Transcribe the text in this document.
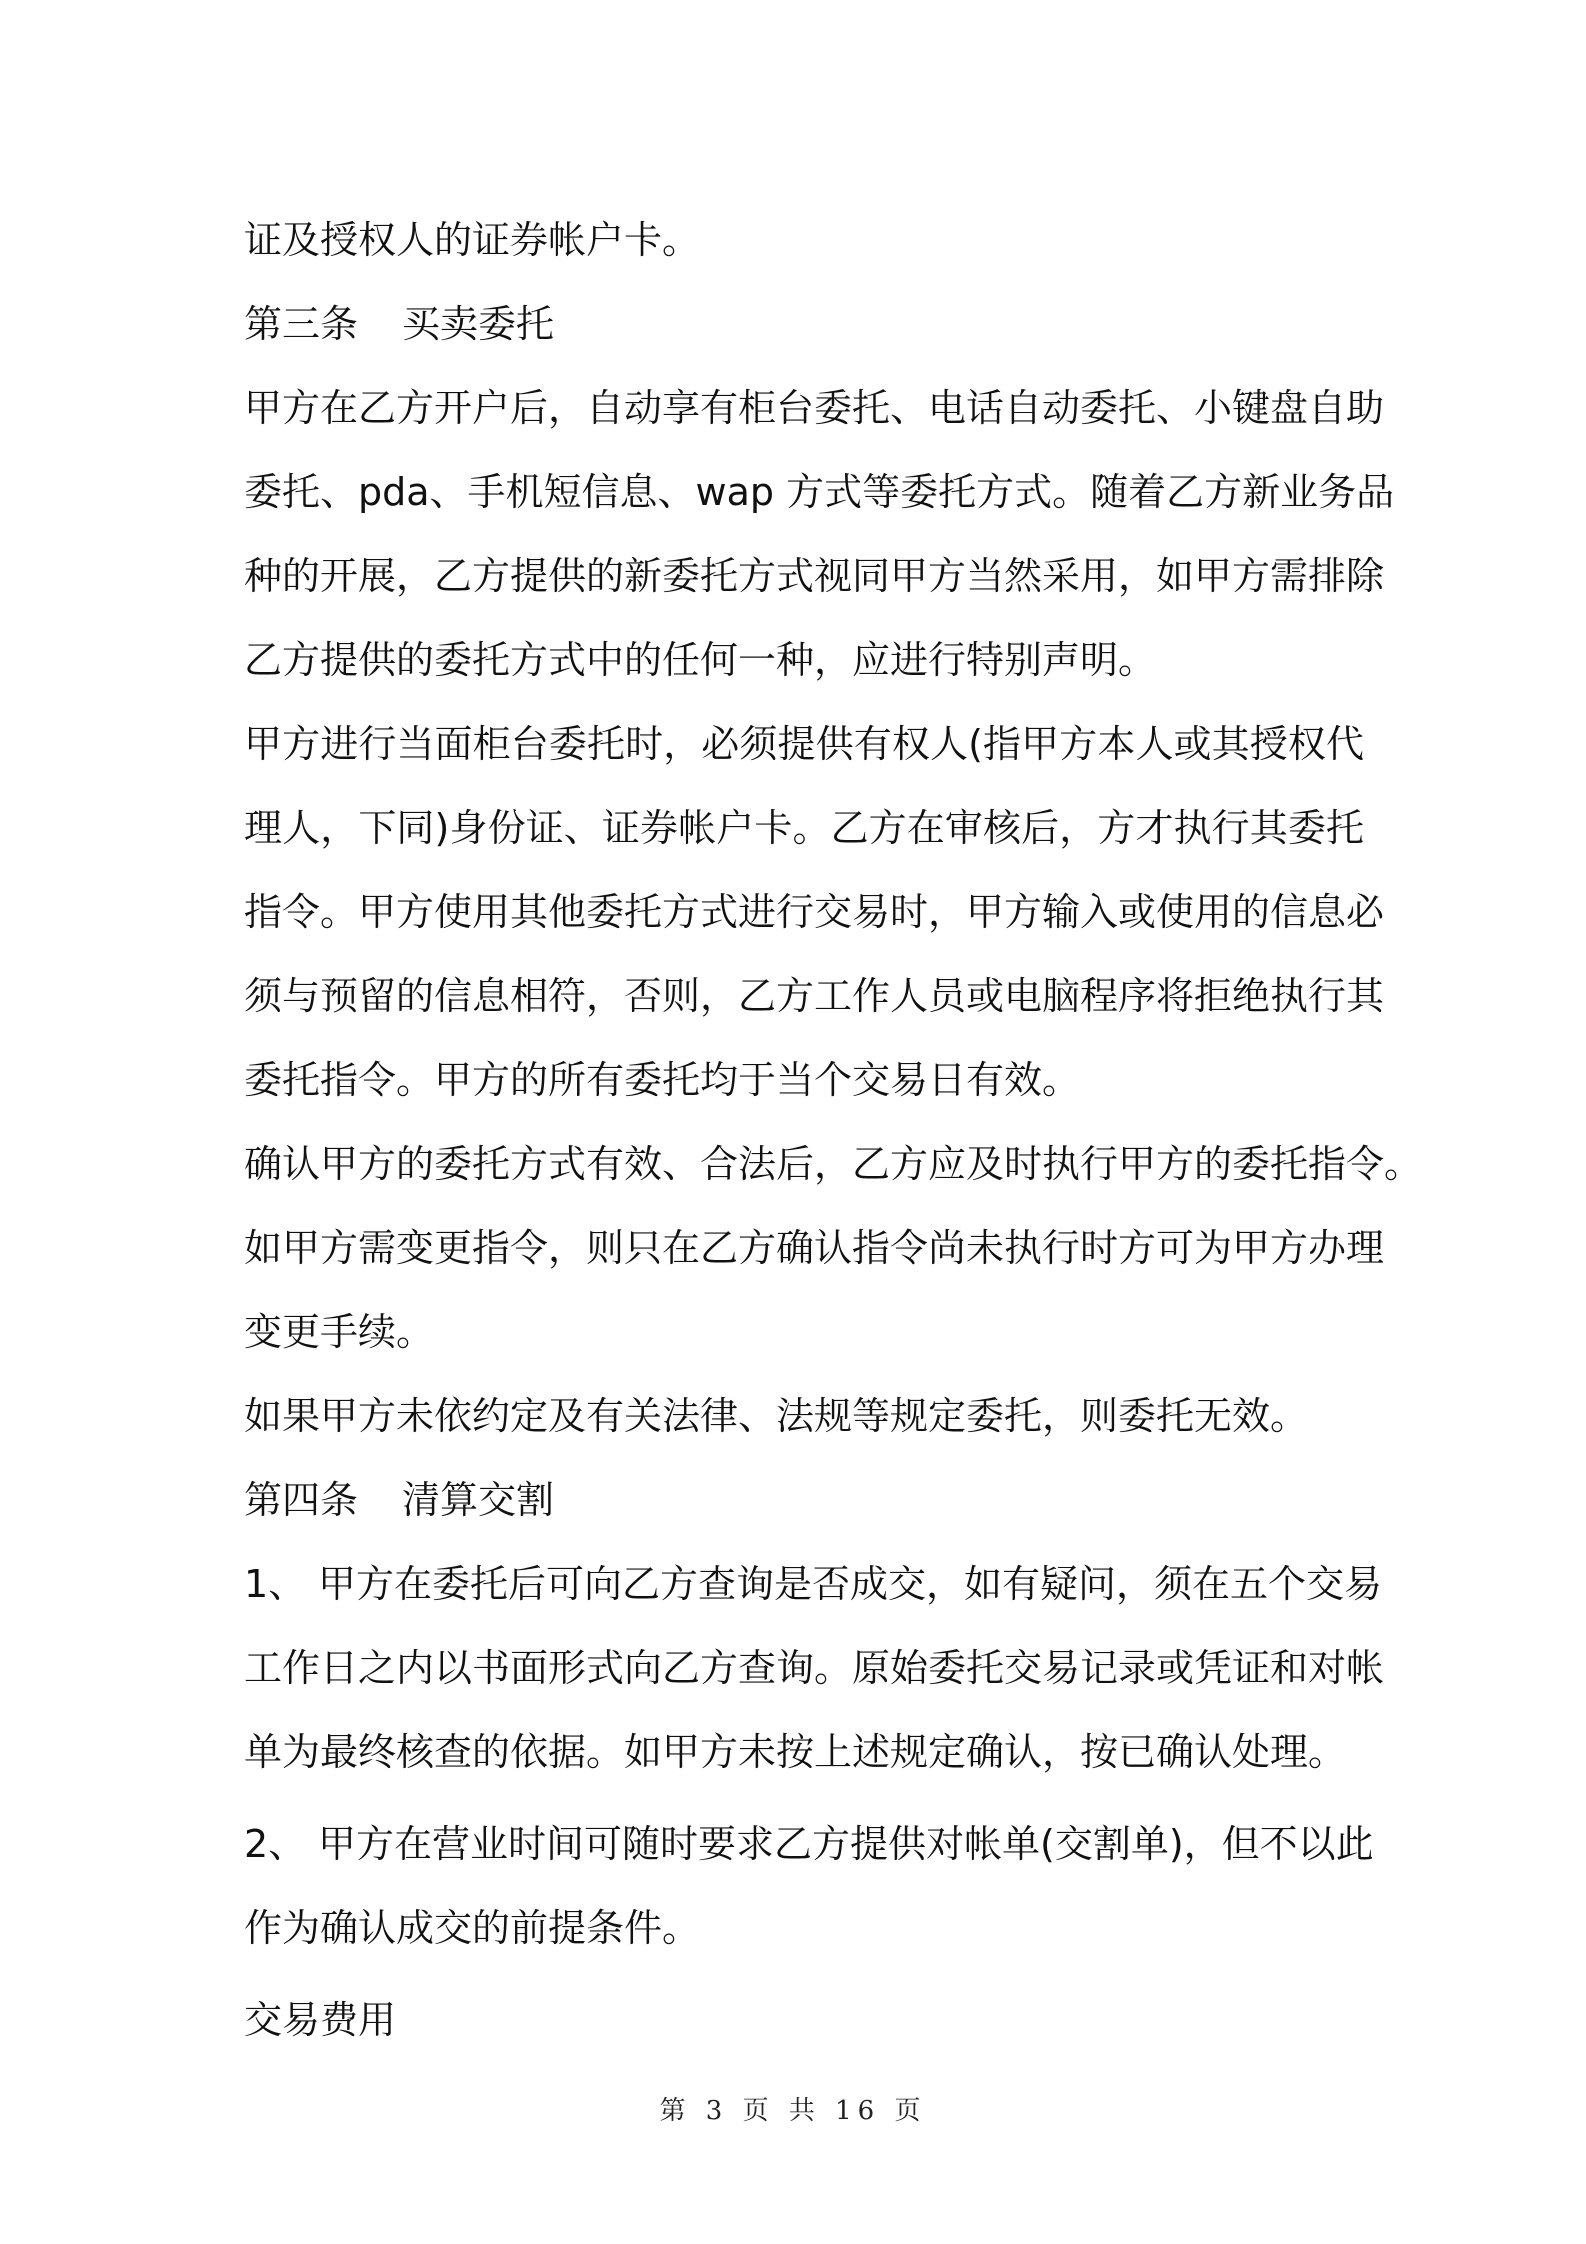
证及授权人的证券帐户卡。
第三条 买卖委托
甲方在乙方开户后，自动享有柜台委托、电话自动委托、小键盘自助
委托、pda、手机短信息、wap 方式等委托方式。随着乙方新业务品
种的开展，乙方提供的新委托方式视同甲方当然采用，如甲方需排除
乙方提供的委托方式中的任何一种，应进行特别声明。
甲方进行当面柜台委托时，必须提供有权人(指甲方本人或其授权代
理人，下同)身份证、证券帐户卡。乙方在审核后，方才执行其委托
指令。甲方使用其他委托方式进行交易时，甲方输入或使用的信息必
须与预留的信息相符，否则，乙方工作人员或电脑程序将拒绝执行其
委托指令。甲方的所有委托均于当个交易日有效。
确认甲方的委托方式有效、合法后，乙方应及时执行甲方的委托指令。
如甲方需变更指令，则只在乙方确认指令尚未执行时方可为甲方办理
变更手续。
如果甲方未依约定及有关法律、法规等规定委托，则委托无效。
第四条 清算交割
1、 甲方在委托后可向乙方查询是否成交，如有疑问，须在五个交易
工作日之内以书面形式向乙方查询。原始委托交易记录或凭证和对帐
单为最终核查的依据。如甲方未按上述规定确认，按已确认处理。
2、 甲方在营业时间可随时要求乙方提供对帐单(交割单)，但不以此
作为确认成交的前提条件。
交易费用
第 3 页 共 16 页
